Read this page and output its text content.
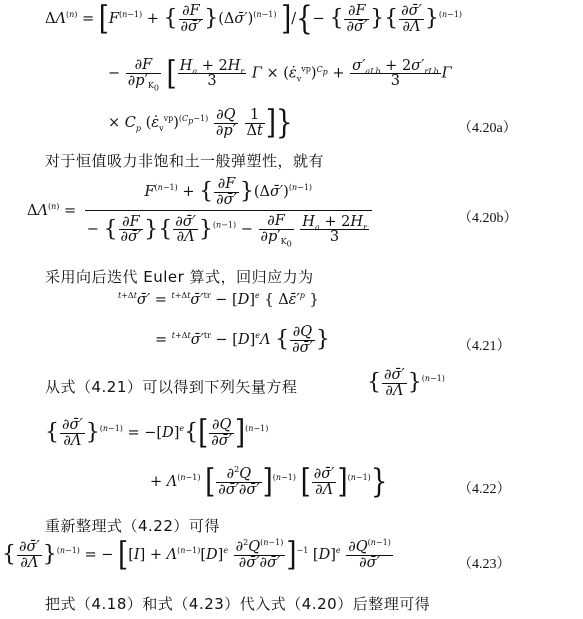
$\Delta\Lambda^{(n)} = [F^{(n-1)}$ + { $\frac{\partial F}{\partial\sigmā'}$ }(Δσ̄′)$^{(n-1)}$ ]/{− { $\frac{\partial F}{\partial\sigmā'}$ }{ $\frac{\partial\sigmā'}{\partial\Lambda} \}^{(n-1)}$
− $\frac{\partial F}{\partial p'_{K_0}}$ [ $\frac{H_a + 2H_r}{3}$ $\Gamma \times (\varepsiloṅ_v^{vp})^{C_p} + \frac{\sigma'_{aLb} + 2\sigma'_{rLb}}{3}$ Γ
× $C_p$ $(\varepsiloṅ_v^{vp})^{(C_p-1)} \frac{\partial Q}{\partial p'}$
$\frac{1}{\Delta t}$ ]}	（4.20a）
对于恒值吸力非饱和土一般弹塑性，就有
$\Delta\Lambda^{(n)} = F^{(n-1)}$ + { $\frac{\partial F}{\partial\sigmā'}$ }(Δσ̄′)$^{(n-1)}$
− { $\frac{\partial F}{\partial\sigmā'}$ }{ $\frac{\partial\sigmā'}{\partial\Lambda} \}^{(n-1)} - \frac{\partial F}{\partial p'_{K_0}}$
$\frac{H_a + 2H_r}{3}$	（4.20b）
采用向后迭代 Euler 算式，回归应力为
$^{t+\Delta t}$σ̄′ = $^{t+\Delta t}\sigmā'^{tr} - [D]^e$ { $\Delta\varepsilon̄'^p$ }
= $^{t+\Delta t}\sigmā'^{tr} - [D]^e\Lambda$ { $\frac{\partial Q}{\partial\sigmā'}$ }	（4.21）
从式（4.21）可以得到下列矢量方程	{ $\frac{\partial\sigmā'}{\partial\Lambda} \}^{(n-1)}$
{ $\frac{\partial\sigmā'}{\partial\Lambda} \}^{(n-1)} = -[D]^e\{[ \frac{\partial Q}{\partial\sigmā'} ]^{(n-1)}$
+ $\Lambda^{(n-1)}$ [ $\frac{\partial^2Q}{\partial\sigmā'\partial\sigmā'} ]^{(n-1)}$ [ $\frac{\partial\sigmā'}{\partial\Lambda} ]^{(n-1)}$}	（4.22）
重新整理式（4.22）可得
{ $\frac{\partial\sigmā'}{\partial\Lambda} \}^{(n-1)}$ = − $[[I] + \Lambda^{(n-1)}[D]^e \frac{\partial^2Q^{(n-1)}}{\partial\sigmā'\partial\sigmā'} ]^{-1}$ $[D]^e \frac{\partial Q^{(n-1)}}{\partial\sigmā'}$	（4.23）
把式（4.18）和式（4.23）代入式（4.20）后整理可得
